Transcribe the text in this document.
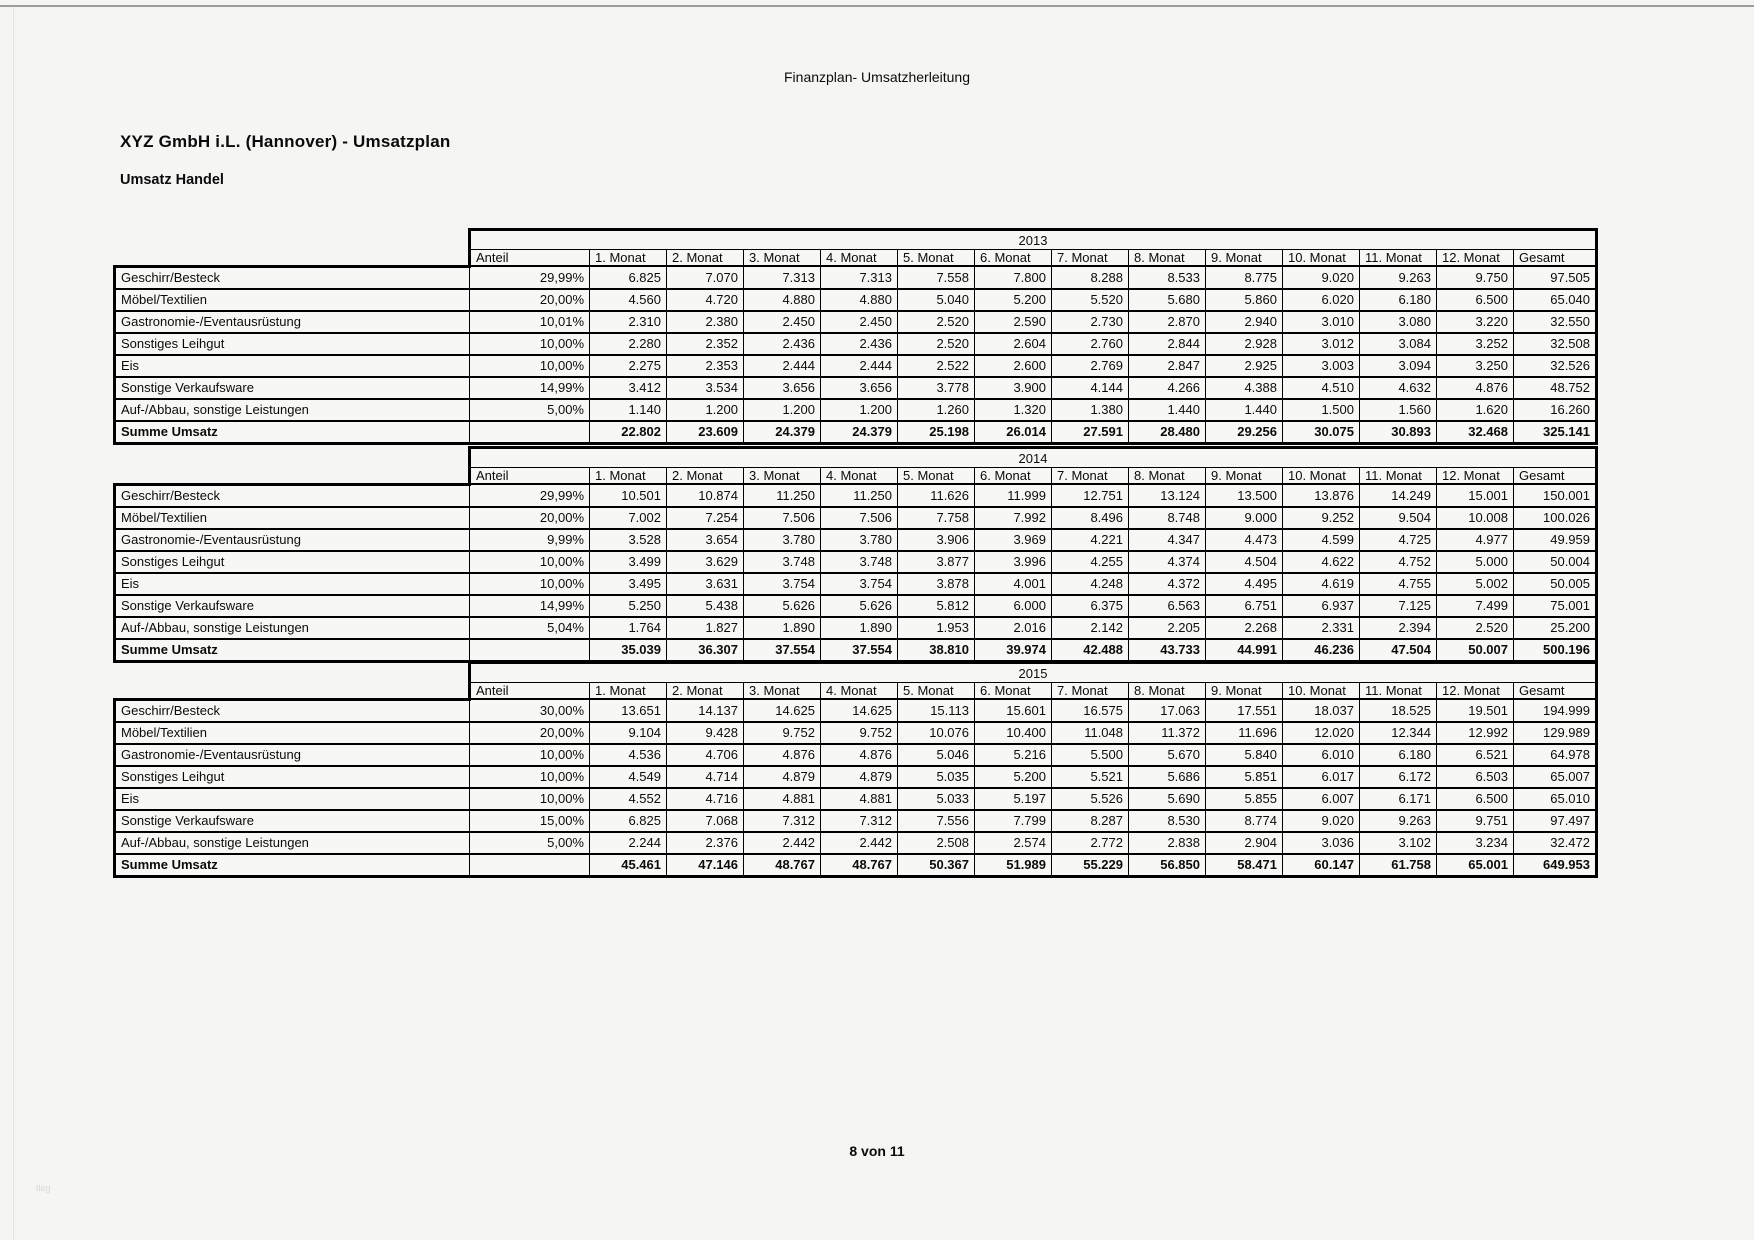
Finanzplan- Umsatzherleitung
XYZ GmbH i.L. (Hannover) - Umsatzplan
Umsatz Handel
	2013													
	Anteil	1. Monat	2. Monat	3. Monat	4. Monat	5. Monat	6. Monat	7. Monat	8. Monat	9. Monat	10. Monat	11. Monat	12. Monat	Gesamt
Geschirr/Besteck	29,99%	6.825	7.070	7.313	7.313	7.558	7.800	8.288	8.533	8.775	9.020	9.263	9.750	97.505
Möbel/Textilien	20,00%	4.560	4.720	4.880	4.880	5.040	5.200	5.520	5.680	5.860	6.020	6.180	6.500	65.040
Gastronomie-/Eventausrüstung	10,01%	2.310	2.380	2.450	2.450	2.520	2.590	2.730	2.870	2.940	3.010	3.080	3.220	32.550
Sonstiges Leihgut	10,00%	2.280	2.352	2.436	2.436	2.520	2.604	2.760	2.844	2.928	3.012	3.084	3.252	32.508
Eis	10,00%	2.275	2.353	2.444	2.444	2.522	2.600	2.769	2.847	2.925	3.003	3.094	3.250	32.526
Sonstige Verkaufsware	14,99%	3.412	3.534	3.656	3.656	3.778	3.900	4.144	4.266	4.388	4.510	4.632	4.876	48.752
Auf-/Abbau, sonstige Leistungen	5,00%	1.140	1.200	1.200	1.200	1.260	1.320	1.380	1.440	1.440	1.500	1.560	1.620	16.260
Summe Umsatz		22.802	23.609	24.379	24.379	25.198	26.014	27.591	28.480	29.256	30.075	30.893	32.468	325.141
	2014													
	Anteil	1. Monat	2. Monat	3. Monat	4. Monat	5. Monat	6. Monat	7. Monat	8. Monat	9. Monat	10. Monat	11. Monat	12. Monat	Gesamt
Geschirr/Besteck	29,99%	10.501	10.874	11.250	11.250	11.626	11.999	12.751	13.124	13.500	13.876	14.249	15.001	150.001
Möbel/Textilien	20,00%	7.002	7.254	7.506	7.506	7.758	7.992	8.496	8.748	9.000	9.252	9.504	10.008	100.026
Gastronomie-/Eventausrüstung	9,99%	3.528	3.654	3.780	3.780	3.906	3.969	4.221	4.347	4.473	4.599	4.725	4.977	49.959
Sonstiges Leihgut	10,00%	3.499	3.629	3.748	3.748	3.877	3.996	4.255	4.374	4.504	4.622	4.752	5.000	50.004
Eis	10,00%	3.495	3.631	3.754	3.754	3.878	4.001	4.248	4.372	4.495	4.619	4.755	5.002	50.005
Sonstige Verkaufsware	14,99%	5.250	5.438	5.626	5.626	5.812	6.000	6.375	6.563	6.751	6.937	7.125	7.499	75.001
Auf-/Abbau, sonstige Leistungen	5,04%	1.764	1.827	1.890	1.890	1.953	2.016	2.142	2.205	2.268	2.331	2.394	2.520	25.200
Summe Umsatz		35.039	36.307	37.554	37.554	38.810	39.974	42.488	43.733	44.991	46.236	47.504	50.007	500.196
	2015													
	Anteil	1. Monat	2. Monat	3. Monat	4. Monat	5. Monat	6. Monat	7. Monat	8. Monat	9. Monat	10. Monat	11. Monat	12. Monat	Gesamt
Geschirr/Besteck	30,00%	13.651	14.137	14.625	14.625	15.113	15.601	16.575	17.063	17.551	18.037	18.525	19.501	194.999
Möbel/Textilien	20,00%	9.104	9.428	9.752	9.752	10.076	10.400	11.048	11.372	11.696	12.020	12.344	12.992	129.989
Gastronomie-/Eventausrüstung	10,00%	4.536	4.706	4.876	4.876	5.046	5.216	5.500	5.670	5.840	6.010	6.180	6.521	64.978
Sonstiges Leihgut	10,00%	4.549	4.714	4.879	4.879	5.035	5.200	5.521	5.686	5.851	6.017	6.172	6.503	65.007
Eis	10,00%	4.552	4.716	4.881	4.881	5.033	5.197	5.526	5.690	5.855	6.007	6.171	6.500	65.010
Sonstige Verkaufsware	15,00%	6.825	7.068	7.312	7.312	7.556	7.799	8.287	8.530	8.774	9.020	9.263	9.751	97.497
Auf-/Abbau, sonstige Leistungen	5,00%	2.244	2.376	2.442	2.442	2.508	2.574	2.772	2.838	2.904	3.036	3.102	3.234	32.472
Summe Umsatz		45.461	47.146	48.767	48.767	50.367	51.989	55.229	56.850	58.471	60.147	61.758	65.001	649.953
8 von 11
tleg
